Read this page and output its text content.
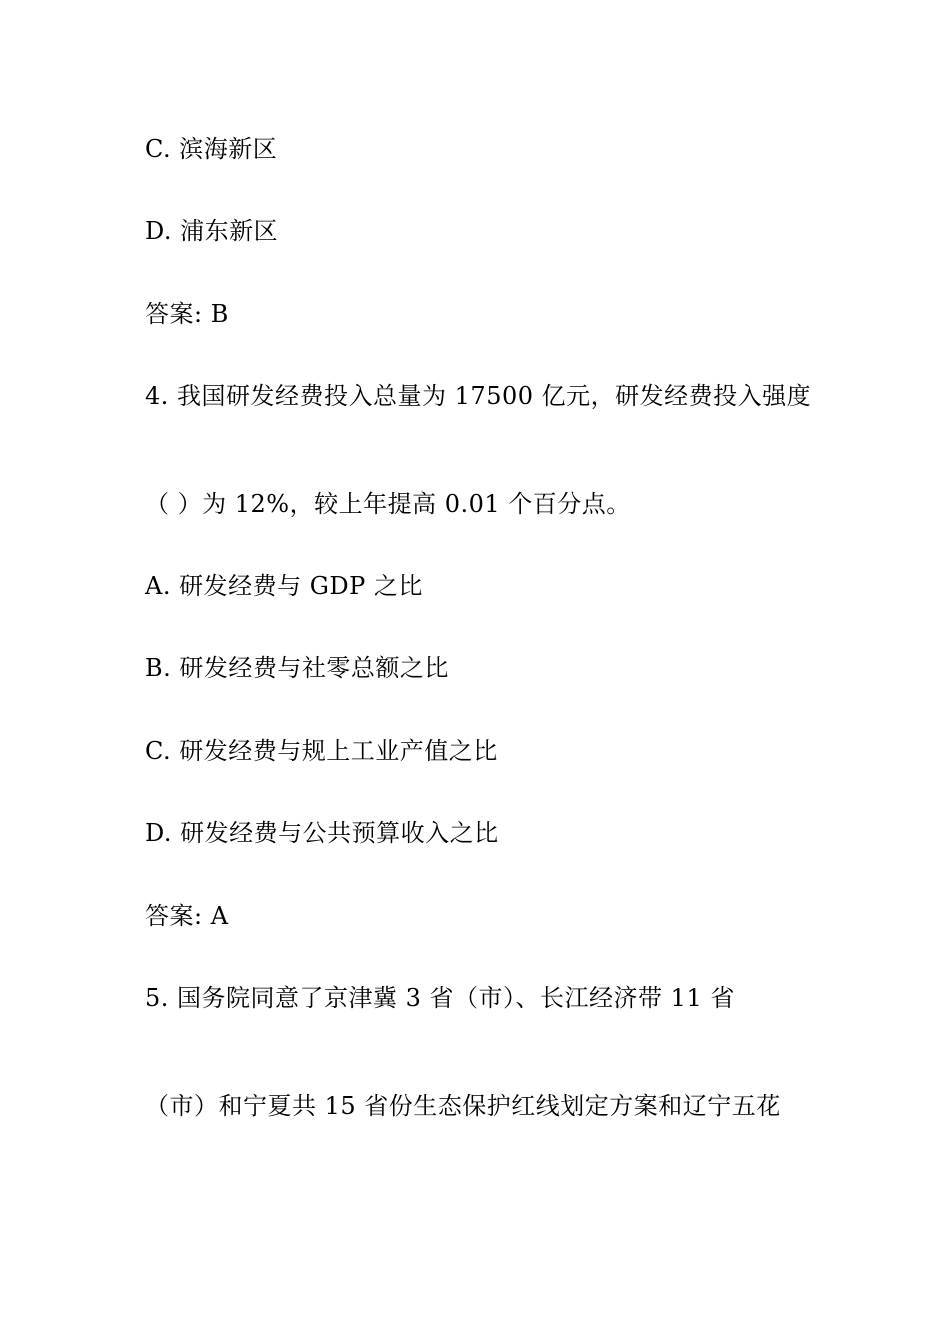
C. 滨海新区
D. 浦东新区
答案: B
4. 我国研发经费投入总量为 17500 亿元，研发经费投入强度
（ ）为 12%，较上年提高 0.01 个百分点。
A. 研发经费与 GDP 之比
B. 研发经费与社零总额之比
C. 研发经费与规上工业产值之比
D. 研发经费与公共预算收入之比
答案: A
5. 国务院同意了京津冀 3 省（市）、长江经济带 11 省
（市）和宁夏共 15 省份生态保护红线划定方案和辽宁五花
